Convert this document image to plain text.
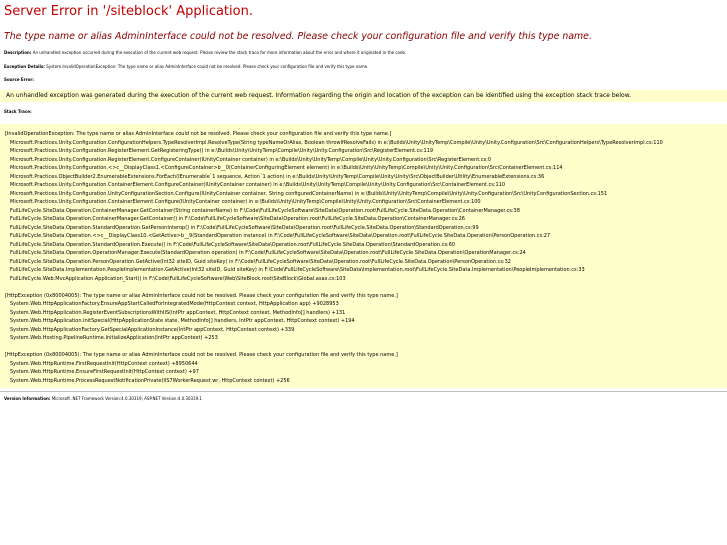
Server Error in '/siteblock' Application.
The type name or alias AdminInterface could not be resolved. Please check your configuration file and verify this type name.
Description: An unhandled exception occurred during the execution of the current web request. Please review the stack trace for more information about the error and where it originated in the code.
Exception Details: System.InvalidOperationException: The type name or alias AdminInterface could not be resolved. Please check your configuration file and verify this type name.
Source Error:
An unhandled exception was generated during the execution of the current web request. Information regarding the origin and location of the exception can be identified using the exception stack trace below.
Stack Trace:
[InvalidOperationException: The type name or alias AdminInterface could not be resolved. Please check your configuration file and verify this type name.]
Microsoft.Practices.Unity.Configuration.ConfigurationHelpers.TypeResolverImpl.ResolveType(String typeNameOrAlias, Boolean throwIfResolveFails) in e:\Builds\Unity\UnityTemp\Compile\Unity\Unity.Configuration\Src\ConfigurationHelpers\TypeResolverImpl.cs:110
Microsoft.Practices.Unity.Configuration.RegisterElement.GetRegisteringType() in e:\Builds\Unity\UnityTemp\Compile\Unity\Unity.Configuration\Src\RegisterElement.cs:119
Microsoft.Practices.Unity.Configuration.RegisterElement.ConfigureContainer(IUnityContainer container) in e:\Builds\Unity\UnityTemp\Compile\Unity\Unity.Configuration\Src\RegisterElement.cs:0
Microsoft.Practices.Unity.Configuration.<>c__DisplayClass1.<ConfigureContainer>b__0(ContainerConfiguringElement element) in e:\Builds\Unity\UnityTemp\Compile\Unity\Unity.Configuration\Src\ContainerElement.cs:114
Microsoft.Practices.ObjectBuilder2.EnumerableExtensions.ForEach(IEnumerable`1 sequence, Action`1 action) in e:\Builds\Unity\UnityTemp\Compile\Unity\Unity\Src\ObjectBuilder\Utility\EnumerableExtensions.cs:36
Microsoft.Practices.Unity.Configuration.ContainerElement.ConfigureContainer(IUnityContainer container) in e:\Builds\Unity\UnityTemp\Compile\Unity\Unity.Configuration\Src\ContainerElement.cs:110
Microsoft.Practices.Unity.Configuration.UnityConfigurationSection.Configure(IUnityContainer container, String configuredContainerName) in e:\Builds\Unity\UnityTemp\Compile\Unity\Unity.Configuration\Src\UnityConfigurationSection.cs:151
Microsoft.Practices.Unity.Configuration.ContainerElement.Configure(IUnityContainer container) in e:\Builds\Unity\UnityTemp\Compile\Unity\Unity.Configuration\Src\ContainerElement.cs:100
FullLifeCycle.SiteData.Operation.ContainerManager.GetContainer(String containerName) in F:\Code\FullLifeCycleSoftware\SiteData\Operation.root\FullLifeCycle.SiteData.Operation\ContainerManager.cs:38
FullLifeCycle.SiteData.Operation.ContainerManager.GetContainer() in F:\Code\FullLifeCycleSoftware\SiteData\Operation.root\FullLifeCycle.SiteData.Operation\ContainerManager.cs:26
FullLifeCycle.SiteData.Operation.StandardOperation.GetPersonInterop() in F:\Code\FullLifeCycleSoftware\SiteData\Operation.root\FullLifeCycle.SiteData.Operation\StandardOperation.cs:99
FullLifeCycle.SiteData.Operation.<>c__DisplayClass10.<GetActive>b__9(StandardOperation instance) in F:\Code\FullLifeCycleSoftware\SiteData\Operation.root\FullLifeCycle.SiteData.Operation\PersonOperation.cs:27
FullLifeCycle.SiteData.Operation.StandardOperation.Execute() in F:\Code\FullLifeCycleSoftware\SiteData\Operation.root\FullLifeCycle.SiteData.Operation\StandardOperation.cs:60
FullLifeCycle.SiteData.Operation.OperationManager.Execute(StandardOperation operation) in F:\Code\FullLifeCycleSoftware\SiteData\Operation.root\FullLifeCycle.SiteData.Operation\OperationManager.cs:24
FullLifeCycle.SiteData.Operation.PersonOperation.GetActive(Int32 siteID, Guid siteKey) in F:\Code\FullLifeCycleSoftware\SiteData\Operation.root\FullLifeCycle.SiteData.Operation\PersonOperation.cs:32
FullLifeCycle.SiteData.Implementation.PeopleImplementation.GetActive(Int32 siteID, Guid siteKey) in F:\Code\FullLifeCycleSoftware\SiteData\Implementation.root\FullLifeCycle.SiteData.Implementation\PeopleImplementation.cs:33
FullLifeCycle.Web.MvcApplication.Application_Start() in F:\Code\FullLifeCycleSoftware\Web\SiteBlock.root\SiteBlock\Global.asax.cs:103
[HttpException (0x80004005): The type name or alias AdminInterface could not be resolved. Please check your configuration file and verify this type name.]
System.Web.HttpApplicationFactory.EnsureAppStartCalledForIntegratedMode(HttpContext context, HttpApplication app) +9028953
System.Web.HttpApplication.RegisterEventSubscriptionsWithIIS(IntPtr appContext, HttpContext context, MethodInfo[] handlers) +131
System.Web.HttpApplication.InitSpecial(HttpApplicationState state, MethodInfo[] handlers, IntPtr appContext, HttpContext context) +194
System.Web.HttpApplicationFactory.GetSpecialApplicationInstance(IntPtr appContext, HttpContext context) +339
System.Web.Hosting.PipelineRuntime.InitializeApplication(IntPtr appContext) +253
[HttpException (0x80004005): The type name or alias AdminInterface could not be resolved. Please check your configuration file and verify this type name.]
System.Web.HttpRuntime.FirstRequestInit(HttpContext context) +8950644
System.Web.HttpRuntime.EnsureFirstRequestInit(HttpContext context) +97
System.Web.HttpRuntime.ProcessRequestNotificationPrivate(IIS7WorkerRequest wr, HttpContext context) +256
Version Information: Microsoft .NET Framework Version:4.0.30319; ASP.NET Version:4.0.30319.1
